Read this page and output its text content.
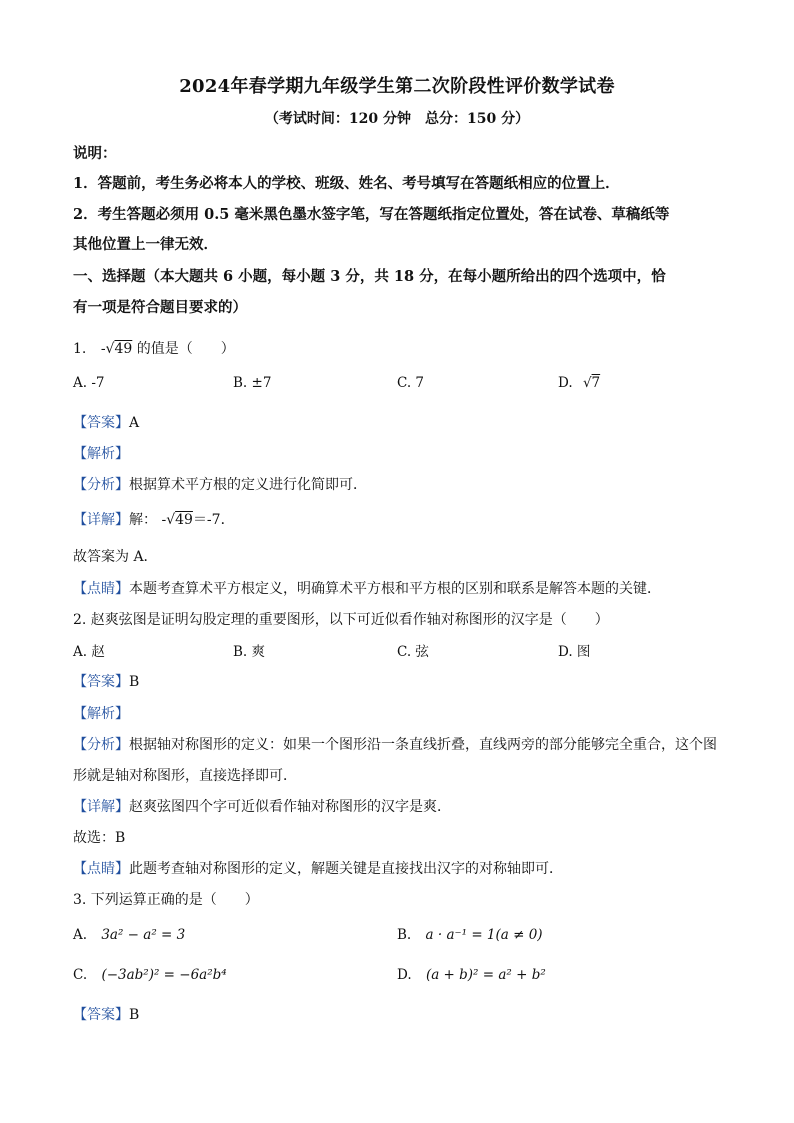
2024年春学期九年级学生第二次阶段性评价数学试卷
（考试时间：120 分钟　总分：150 分）
说明：
1．答题前，考生务必将本人的学校、班级、姓名、考号填写在答题纸相应的位置上．
2．考生答题必须用 0.5 毫米黑色墨水签字笔，写在答题纸指定位置处，答在试卷、草稿纸等
其他位置上一律无效．
一、选择题（本大题共 6 小题，每小题 3 分，共 18 分，在每小题所给出的四个选项中，恰
有一项是符合题目要求的）
1. -√49 的值是（　　）
A. -7	B. ±7	C. 7	D. √7
【答案】A
【解析】
【分析】根据算术平方根的定义进行化简即可．
【详解】解： -√49＝-7．
故答案为 A．
【点睛】本题考查算术平方根定义，明确算术平方根和平方根的区别和联系是解答本题的关键．
2. 赵爽弦图是证明勾股定理的重要图形，以下可近似看作轴对称图形的汉字是（　　）
A. 赵	B. 爽	C. 弦	D. 图
【答案】B
【解析】
【分析】根据轴对称图形的定义：如果一个图形沿一条直线折叠，直线两旁的部分能够完全重合，这个图
形就是轴对称图形，直接选择即可．
【详解】赵爽弦图四个字可近似看作轴对称图形的汉字是爽．
故选：B
【点睛】此题考查轴对称图形的定义，解题关键是直接找出汉字的对称轴即可．
3. 下列运算正确的是（　　）
A. 3a² − a² = 3	B. a · a⁻¹ = 1(a ≠ 0)
C. (−3ab²)² = −6a²b⁴	D. (a + b)² = a² + b²
【答案】B
